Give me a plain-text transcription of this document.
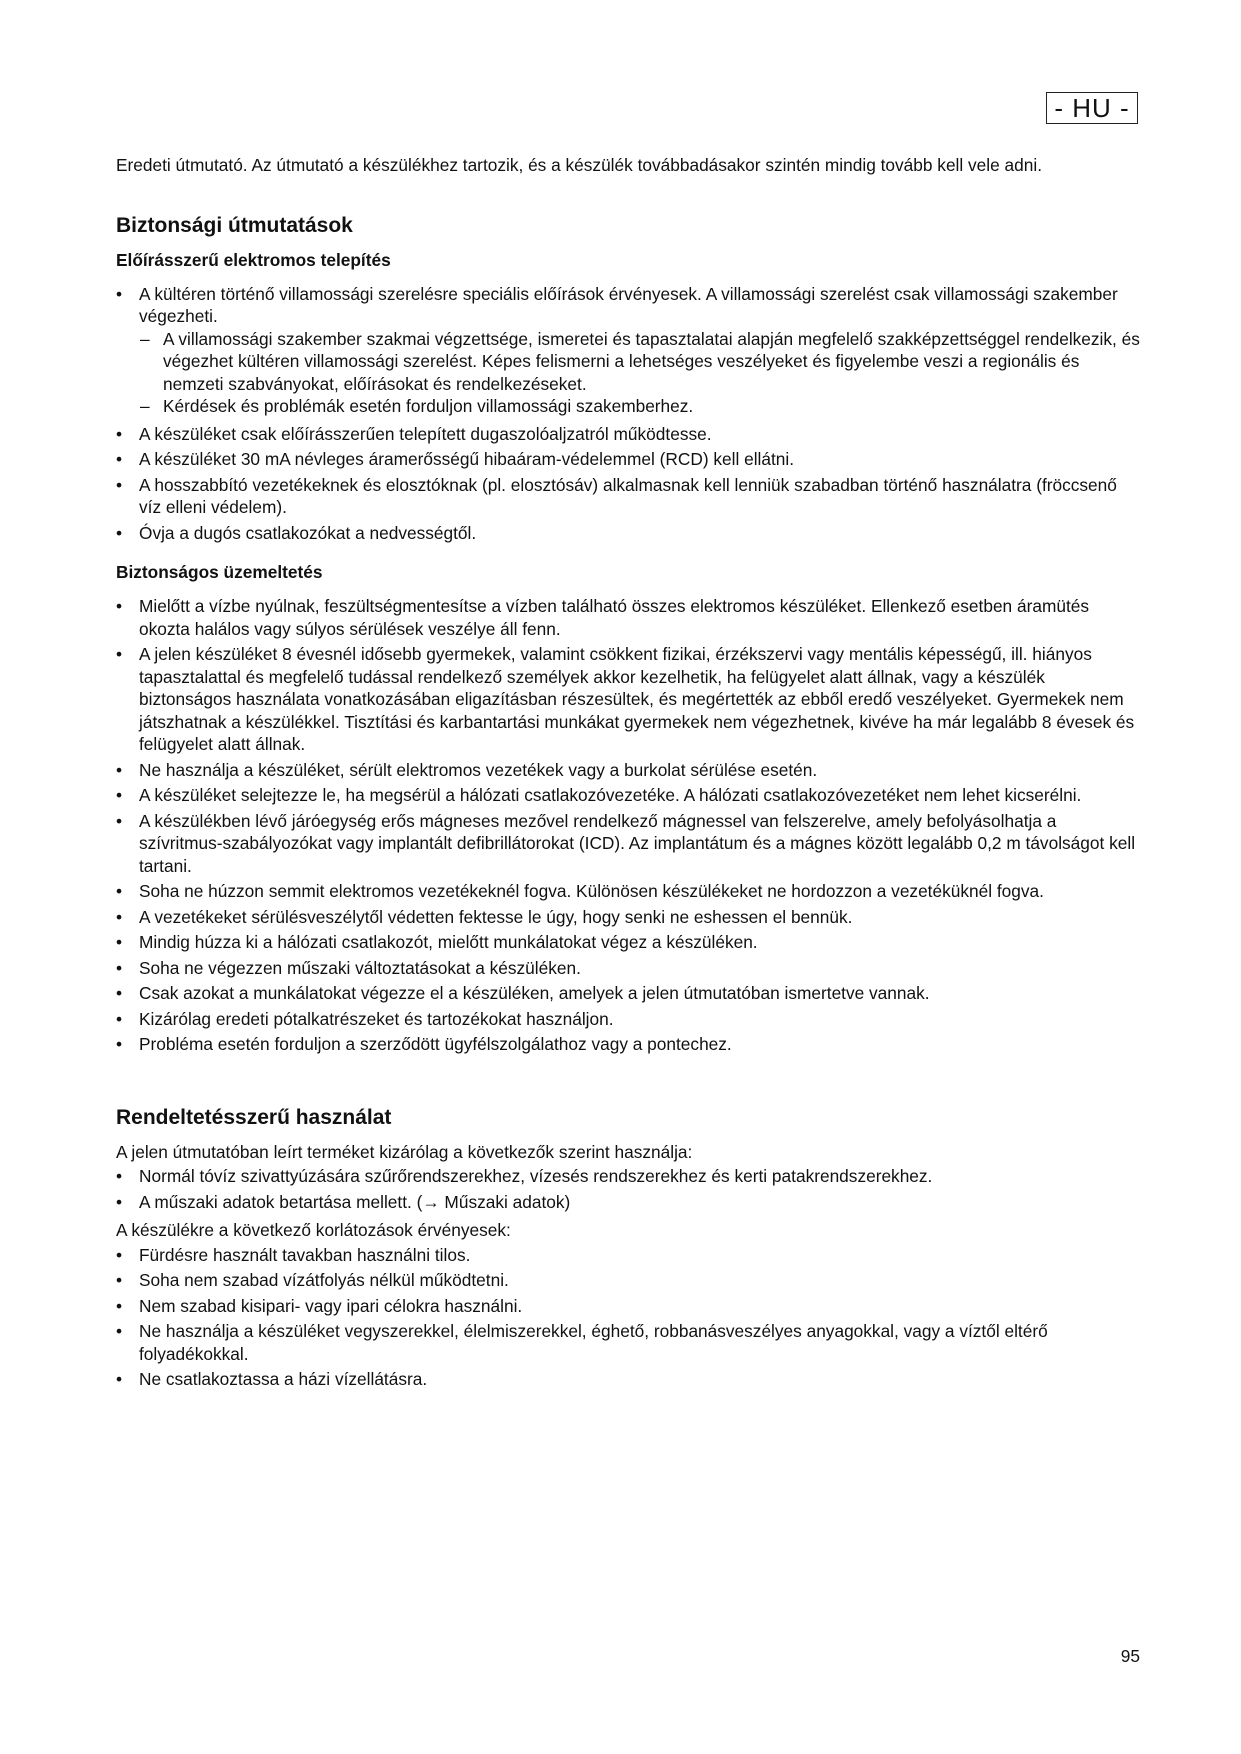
- HU -

Eredeti útmutató. Az útmutató a készülékhez tartozik, és a készülék továbbadásakor szintén mindig tovább kell vele adni.

Biztonsági útmutatások
Előírásszerű elektromos telepítés
• A kültéren történő villamossági szerelésre speciális előírások érvényesek. A villamossági szerelést csak villamossági szakember végezheti.
– A villamossági szakember szakmai végzettsége, ismeretei és tapasztalatai alapján megfelelő szakképzettséggel rendelkezik, és végezhet kültéren villamossági szerelést. Képes felismerni a lehetséges veszélyeket és figyelembe veszi a regionális és nemzeti szabványokat, előírásokat és rendelkezéseket.
– Kérdések és problémák esetén forduljon villamossági szakemberhez.
• A készüléket csak előírásszerűen telepített dugaszolóaljzatról működtesse.
• A készüléket 30 mA névleges áramerősségű hibaáram-védelemmel (RCD) kell ellátni.
• A hosszabbító vezetékeknek és elosztóknak (pl. elosztósáv) alkalmasnak kell lenniük szabadban történő használatra (fröccsenő víz elleni védelem).
• Óvja a dugós csatlakozókat a nedvességtől.
Biztonságos üzemeltetés
• Mielőtt a vízbe nyúlnak, feszültségmentesítse a vízben található összes elektromos készüléket. Ellenkező esetben áramütés okozta halálos vagy súlyos sérülések veszélye áll fenn.
• A jelen készüléket 8 évesnél idősebb gyermekek, valamint csökkent fizikai, érzékszervi vagy mentális képességű, ill. hiányos tapasztalattal és megfelelő tudással rendelkező személyek akkor kezelhetik, ha felügyelet alatt állnak, vagy a készülék biztonságos használata vonatkozásában eligazításban részesültek, és megértették az ebből eredő veszélyeket. Gyermekek nem játszhatnak a készülékkel. Tisztítási és karbantartási munkákat gyermekek nem végezhetnek, kivéve ha már legalább 8 évesek és felügyelet alatt állnak.
• Ne használja a készüléket, sérült elektromos vezetékek vagy a burkolat sérülése esetén.
• A készüléket selejtezze le, ha megsérül a hálózati csatlakozóvezetéke. A hálózati csatlakozóvezetéket nem lehet kicserélni.
• A készülékben lévő járóegység erős mágneses mezővel rendelkező mágnessel van felszerelve, amely befolyásolhatja a szívritmus-szabályozókat vagy implantált defibrillátorokat (ICD). Az implantátum és a mágnes között legalább 0,2 m távolságot kell tartani.
• Soha ne húzzon semmit elektromos vezetékeknél fogva. Különösen készülékeket ne hordozzon a vezetéküknél fogva.
• A vezetékeket sérülésveszélytől védetten fektesse le úgy, hogy senki ne eshessen el bennük.
• Mindig húzza ki a hálózati csatlakozót, mielőtt munkálatokat végez a készüléken.
• Soha ne végezzen műszaki változtatásokat a készüléken.
• Csak azokat a munkálatokat végezze el a készüléken, amelyek a jelen útmutatóban ismertetve vannak.
• Kizárólag eredeti pótalkatrészeket és tartozékokat használjon.
• Probléma esetén forduljon a szerződött ügyfélszolgálathoz vagy a pontechez.
Rendeltetésszerű használat

A jelen útmutatóban leírt terméket kizárólag a következők szerint használja:

• Normál tóvíz szivattyúzására szűrőrendszerekhez, vízesés rendszerekhez és kerti patakrendszerekhez.
• A műszaki adatok betartása mellett. (→ Műszaki adatok)

A készülékre a következő korlátozások érvényesek:

• Fürdésre használt tavakban használni tilos.
• Soha nem szabad vízátfolyás nélkül működtetni.
• Nem szabad kisipari- vagy ipari célokra használni.
• Ne használja a készüléket vegyszerekkel, élelmiszerekkel, éghető, robbanásveszélyes anyagokkal, vagy a víztől eltérő folyadékokkal.
• Ne csatlakoztassa a házi vízellátásra.
95
